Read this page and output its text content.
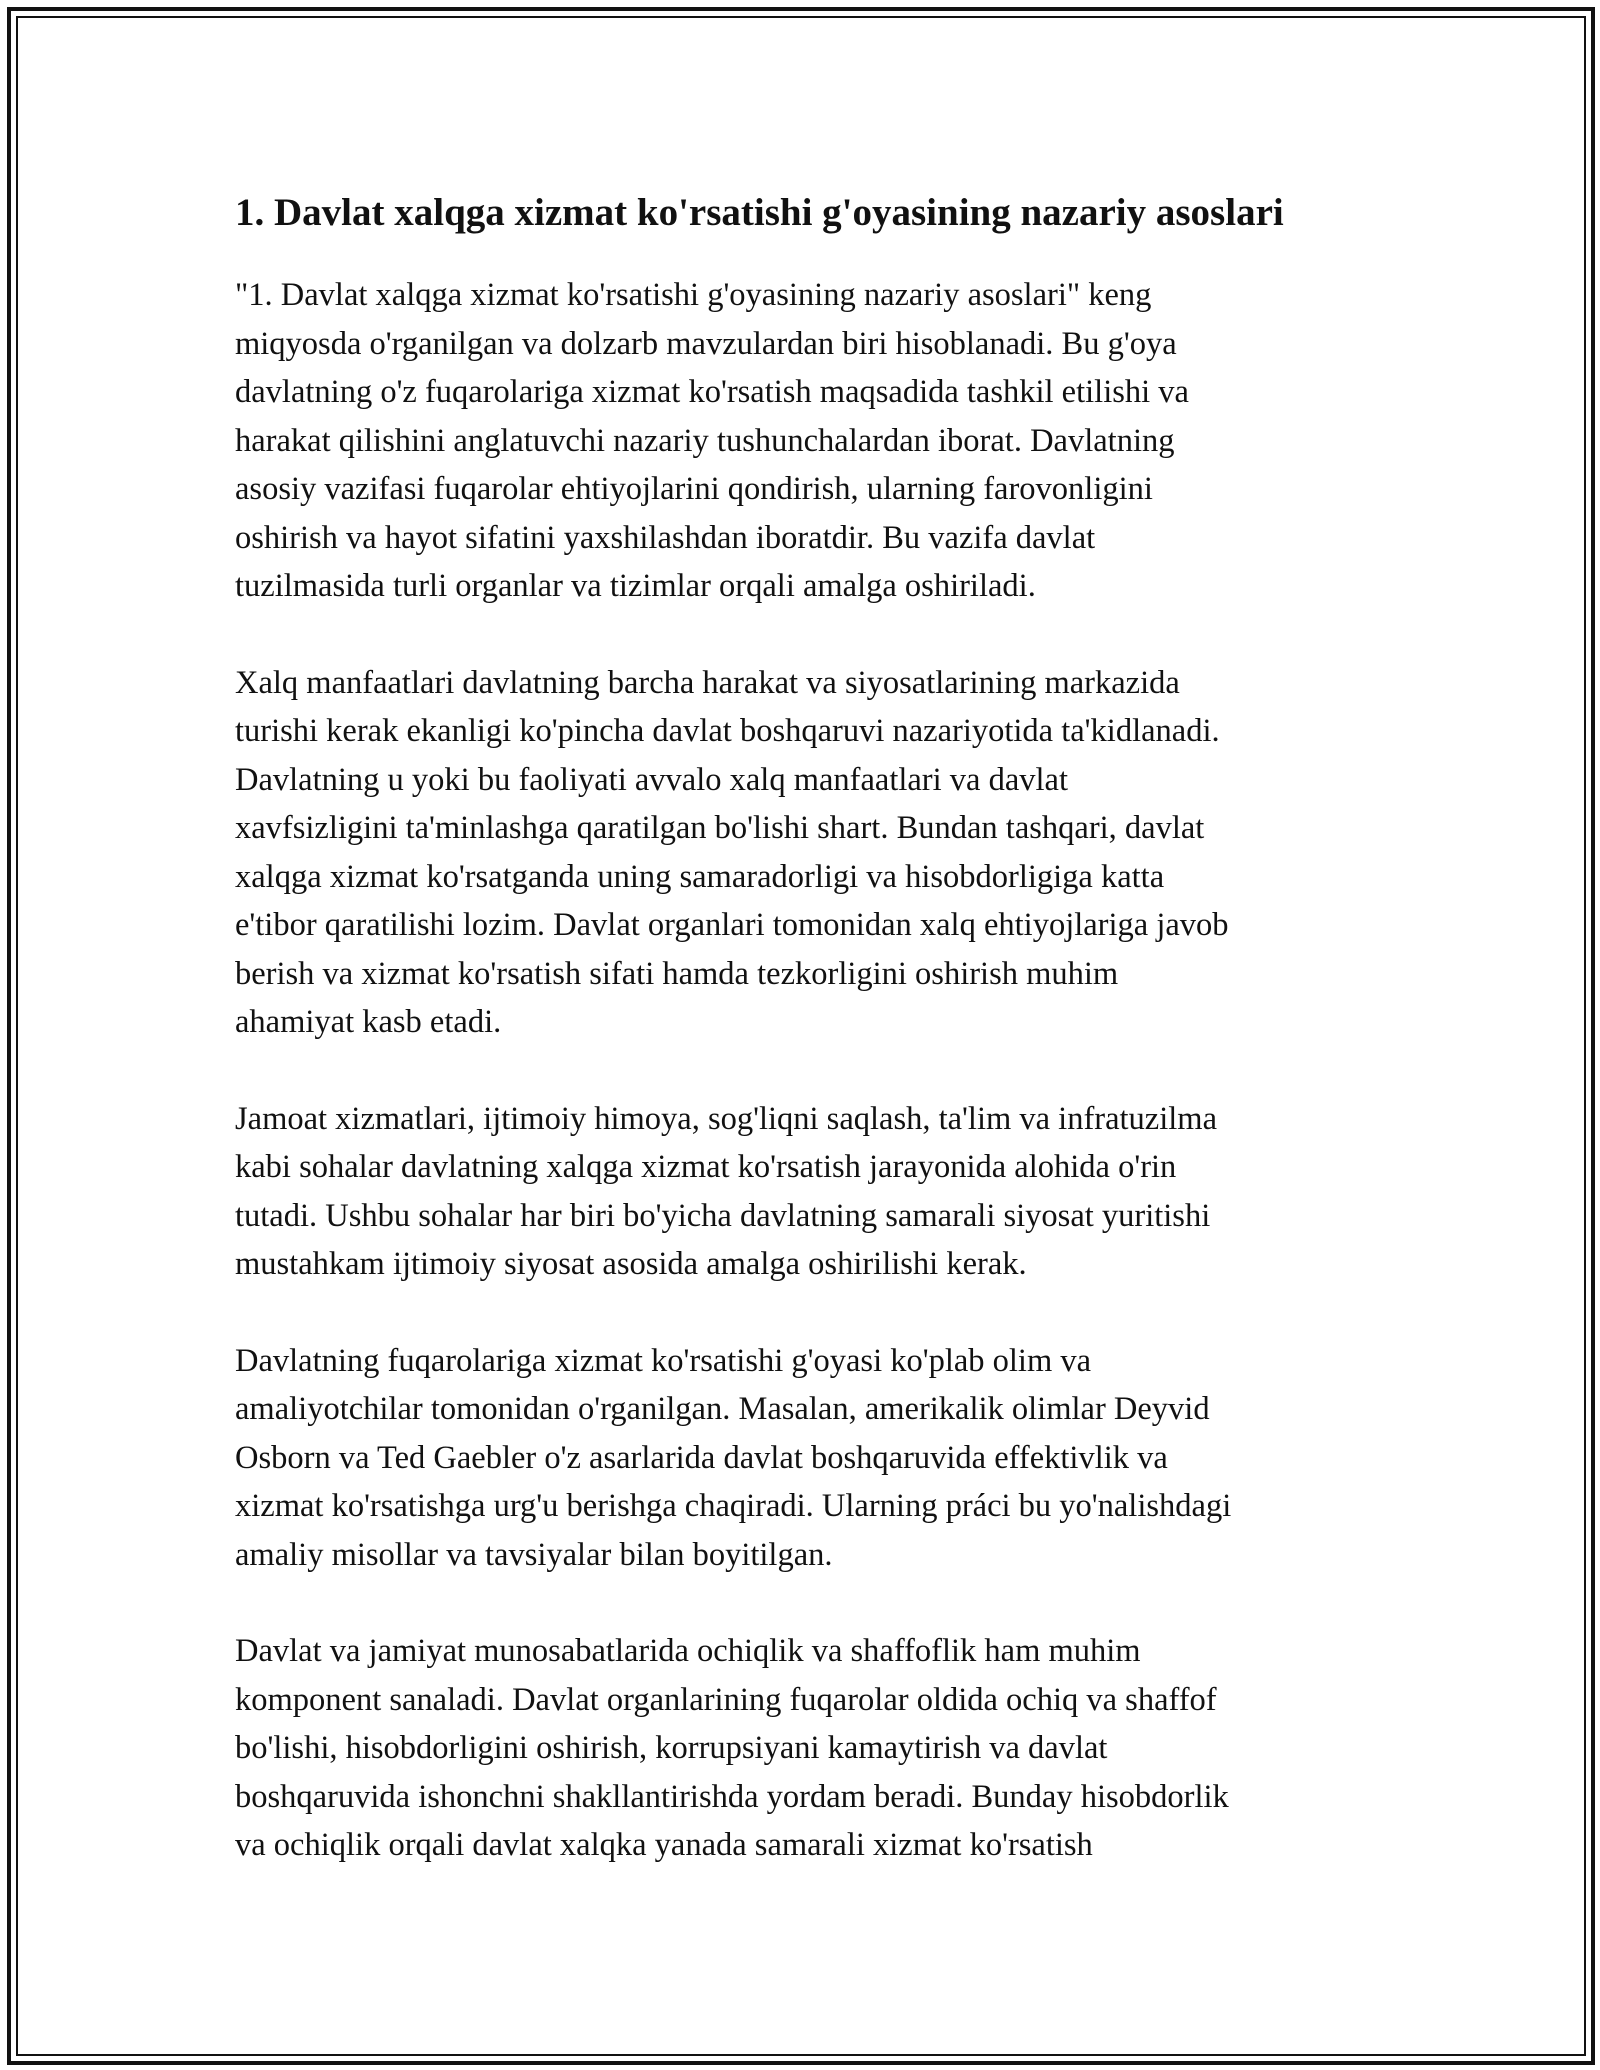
1. Davlat xalqga xizmat ko'rsatishi g'oyasining nazariy asoslari

"1. Davlat xalqga xizmat ko'rsatishi g'oyasining nazariy asoslari" keng
miqyosda o'rganilgan va dolzarb mavzulardan biri hisoblanadi. Bu g'oya
davlatning o'z fuqarolariga xizmat ko'rsatish maqsadida tashkil etilishi va
harakat qilishini anglatuvchi nazariy tushunchalardan iborat. Davlatning
asosiy vazifasi fuqarolar ehtiyojlarini qondirish, ularning farovonligini
oshirish va hayot sifatini yaxshilashdan iboratdir. Bu vazifa davlat
tuzilmasida turli organlar va tizimlar orqali amalga oshiriladi.

Xalq manfaatlari davlatning barcha harakat va siyosatlarining markazida
turishi kerak ekanligi ko'pincha davlat boshqaruvi nazariyotida ta'kidlanadi.
Davlatning u yoki bu faoliyati avvalo xalq manfaatlari va davlat
xavfsizligini ta'minlashga qaratilgan bo'lishi shart. Bundan tashqari, davlat
xalqga xizmat ko'rsatganda uning samaradorligi va hisobdorligiga katta
e'tibor qaratilishi lozim. Davlat organlari tomonidan xalq ehtiyojlariga javob
berish va xizmat ko'rsatish sifati hamda tezkorligini oshirish muhim
ahamiyat kasb etadi.

Jamoat xizmatlari, ijtimoiy himoya, sog'liqni saqlash, ta'lim va infratuzilma
kabi sohalar davlatning xalqga xizmat ko'rsatish jarayonida alohida o'rin
tutadi. Ushbu sohalar har biri bo'yicha davlatning samarali siyosat yuritishi
mustahkam ijtimoiy siyosat asosida amalga oshirilishi kerak.

Davlatning fuqarolariga xizmat ko'rsatishi g'oyasi ko'plab olim va
amaliyotchilar tomonidan o'rganilgan. Masalan, amerikalik olimlar Deyvid
Osborn va Ted Gaebler o'z asarlarida davlat boshqaruvida effektivlik va
xizmat ko'rsatishga urg'u berishga chaqiradi. Ularning práci bu yo'nalishdagi
amaliy misollar va tavsiyalar bilan boyitilgan.

Davlat va jamiyat munosabatlarida ochiqlik va shaffoflik ham muhim
komponent sanaladi. Davlat organlarining fuqarolar oldida ochiq va shaffof
bo'lishi, hisobdorligini oshirish, korrupsiyani kamaytirish va davlat
boshqaruvida ishonchni shakllantirishda yordam beradi. Bunday hisobdorlik
va ochiqlik orqali davlat xalqka yanada samarali xizmat ko'rsatish
